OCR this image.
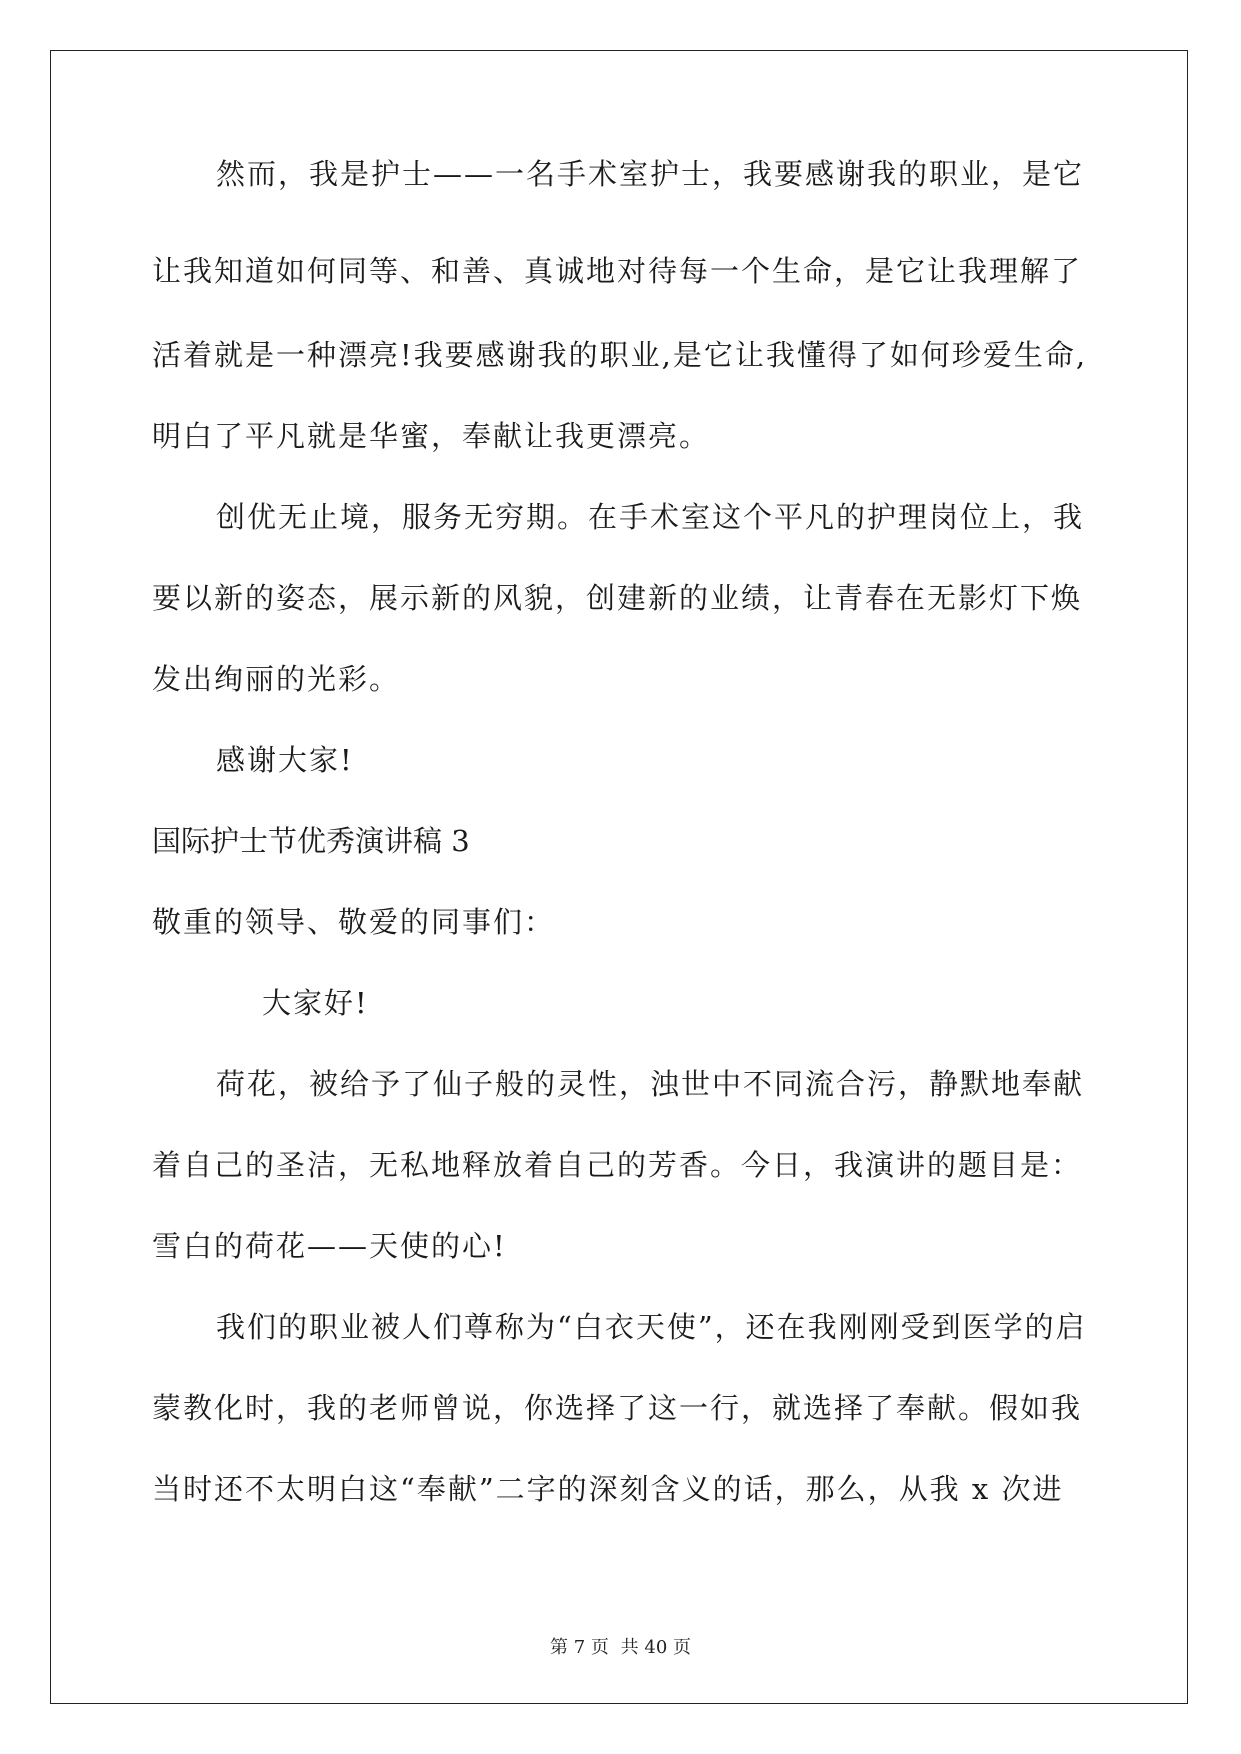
然而，我是护士——一名手术室护士，我要感谢我的职业，是它
让我知道如何同等、和善、真诚地对待每一个生命，是它让我理解了
活着就是一种漂亮!我要感谢我的职业,是它让我懂得了如何珍爱生命,
明白了平凡就是华蜜，奉献让我更漂亮。
创优无止境，服务无穷期。在手术室这个平凡的护理岗位上，我
要以新的姿态，展示新的风貌，创建新的业绩，让青春在无影灯下焕
发出绚丽的光彩。
感谢大家!
国际护士节优秀演讲稿 3
敬重的领导、敬爱的同事们：
大家好!
荷花，被给予了仙子般的灵性，浊世中不同流合污，静默地奉献
着自己的圣洁，无私地释放着自己的芳香。今日，我演讲的题目是：
雪白的荷花——天使的心!
我们的职业被人们尊称为“白衣天使”，还在我刚刚受到医学的启
蒙教化时，我的老师曾说，你选择了这一行，就选择了奉献。假如我
当时还不太明白这“奉献”二字的深刻含义的话，那么，从我 x 次进
第 7 页 共 40 页
